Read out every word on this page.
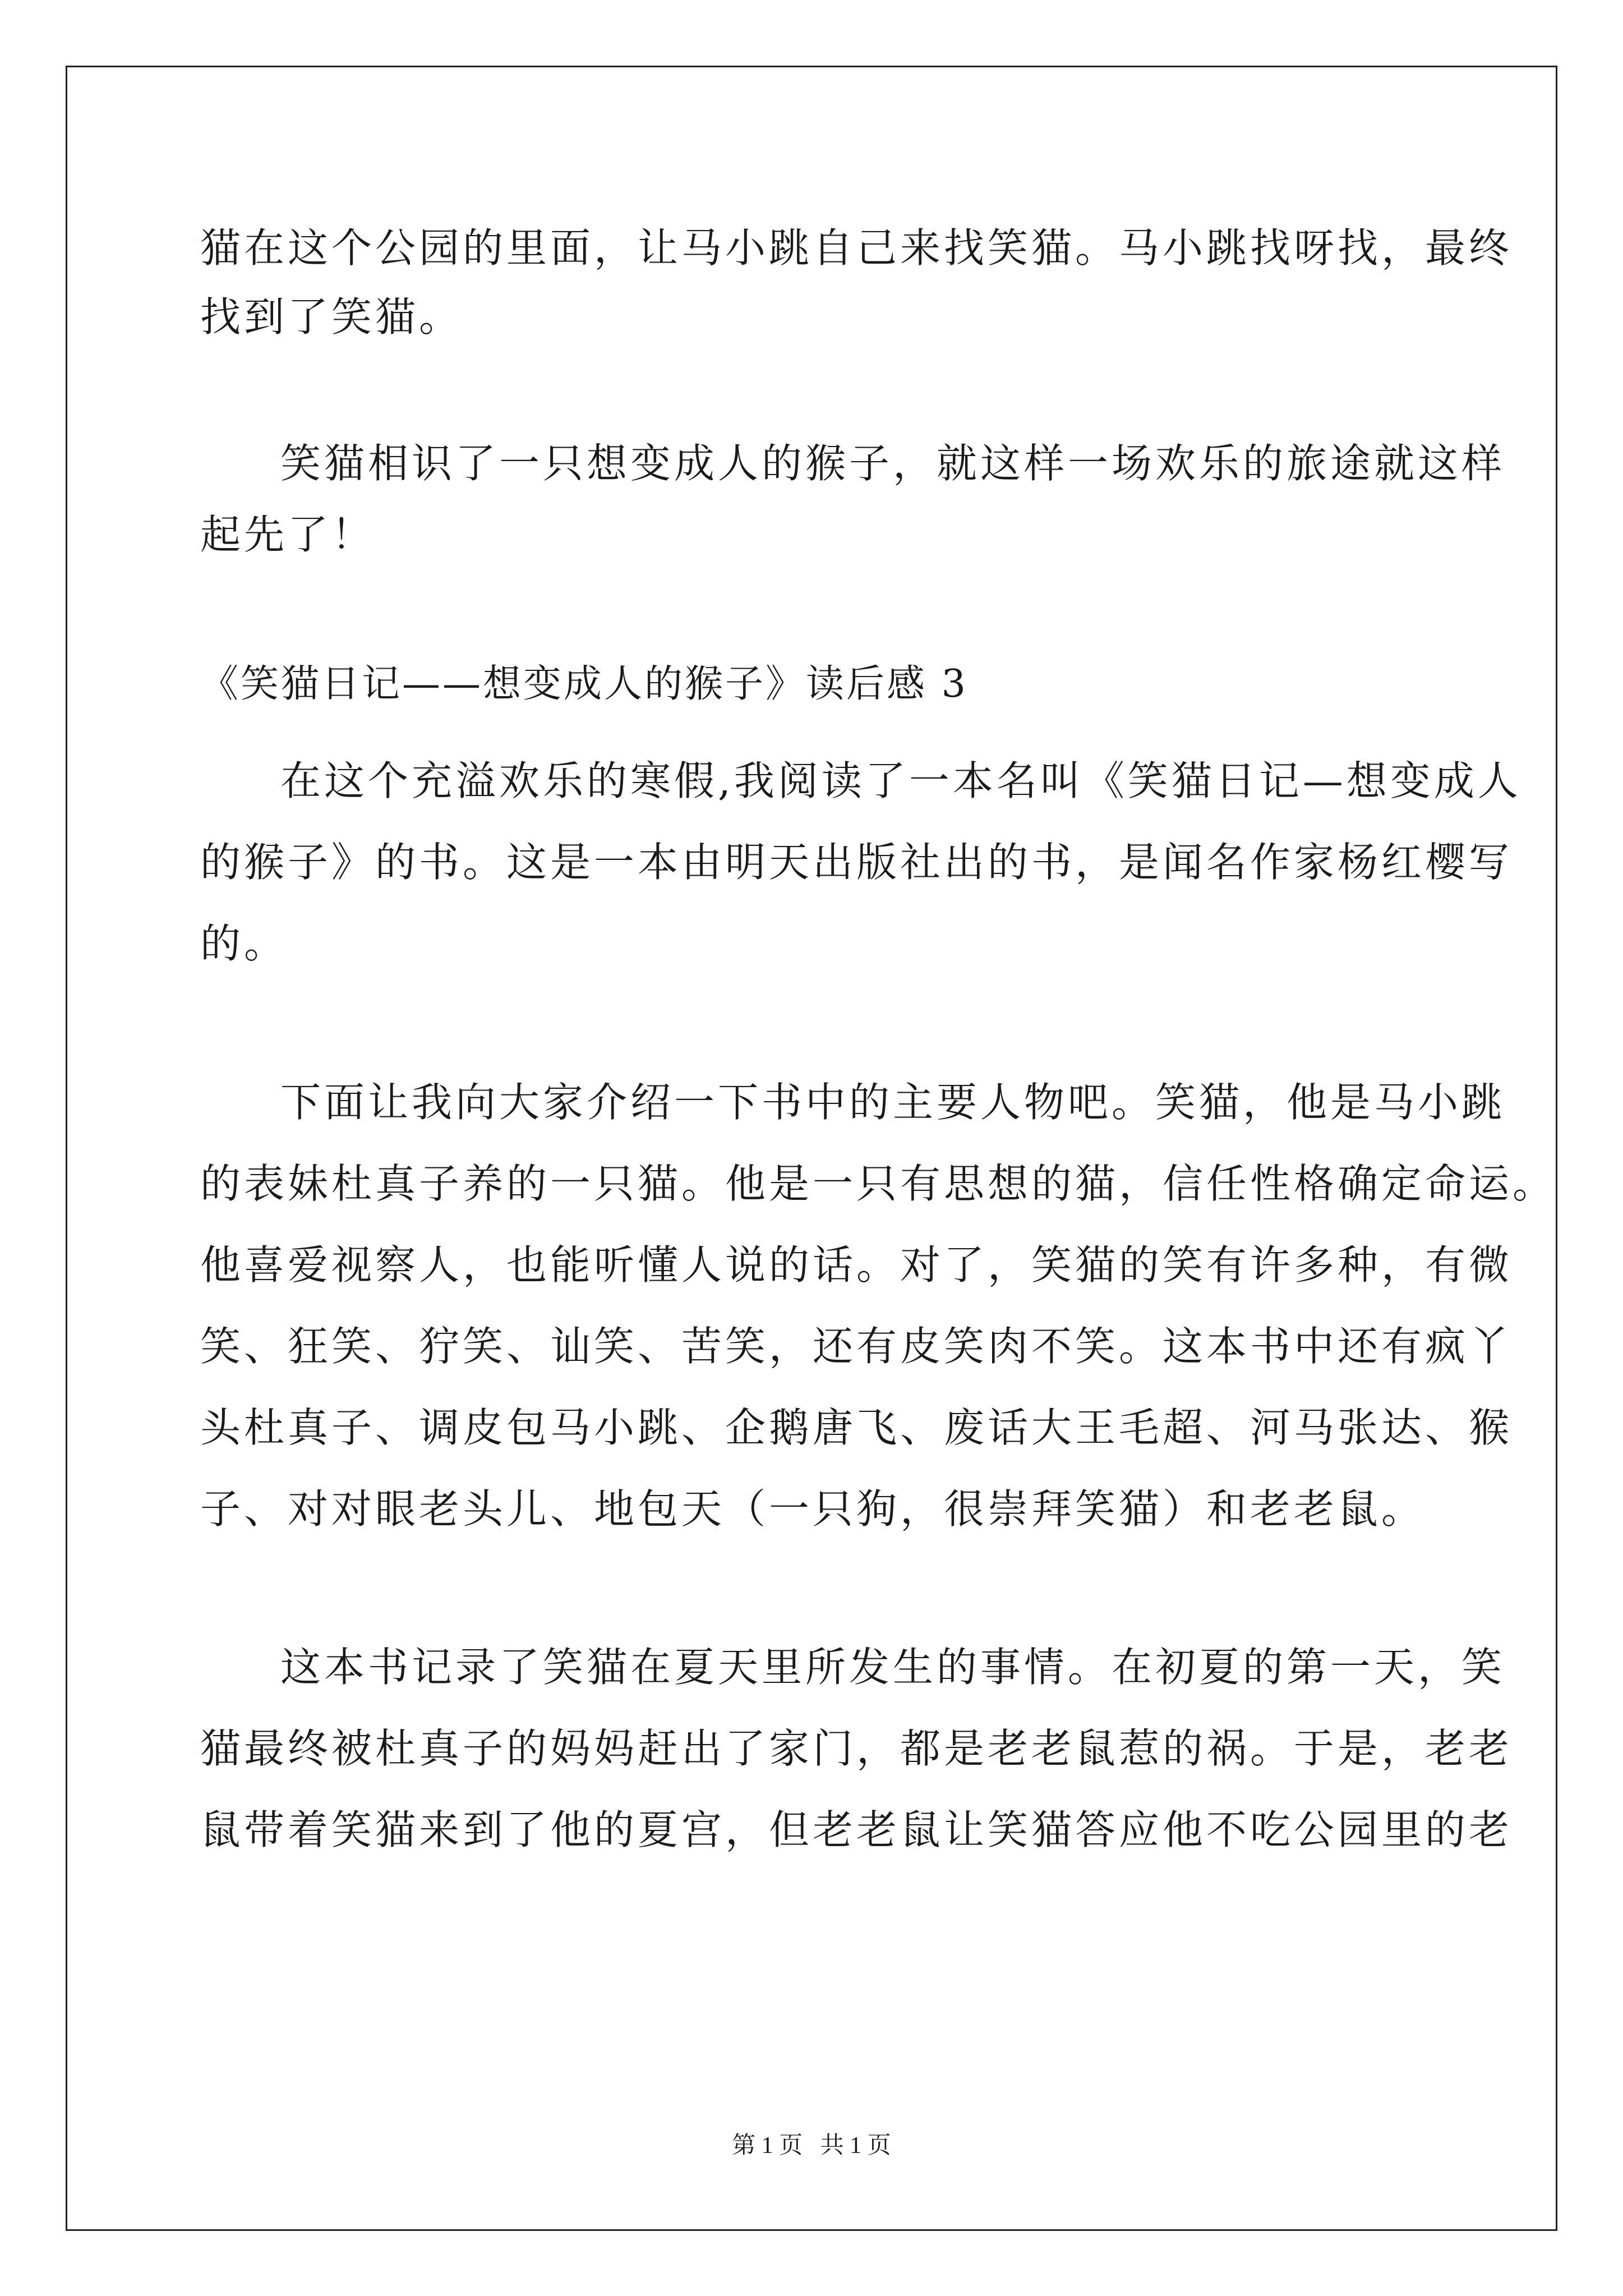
猫在这个公园的里面，让马小跳自己来找笑猫。马小跳找呀找，最终
找到了笑猫。
笑猫相识了一只想变成人的猴子，就这样一场欢乐的旅途就这样
起先了！
《笑猫日记——想变成人的猴子》读后感 3
在这个充溢欢乐的寒假,我阅读了一本名叫《笑猫日记—想变成人
的猴子》的书。这是一本由明天出版社出的书，是闻名作家杨红樱写
的。
下面让我向大家介绍一下书中的主要人物吧。笑猫，他是马小跳
的表妹杜真子养的一只猫。他是一只有思想的猫，信任性格确定命运。
他喜爱视察人，也能听懂人说的话。对了，笑猫的笑有许多种，有微
笑、狂笑、狞笑、讪笑、苦笑，还有皮笑肉不笑。这本书中还有疯丫
头杜真子、调皮包马小跳、企鹅唐飞、废话大王毛超、河马张达、猴
子、对对眼老头儿、地包天（一只狗，很崇拜笑猫）和老老鼠。
这本书记录了笑猫在夏天里所发生的事情。在初夏的第一天，笑
猫最终被杜真子的妈妈赶出了家门，都是老老鼠惹的祸。于是，老老
鼠带着笑猫来到了他的夏宫，但老老鼠让笑猫答应他不吃公园里的老
第 1 页   共 1 页
